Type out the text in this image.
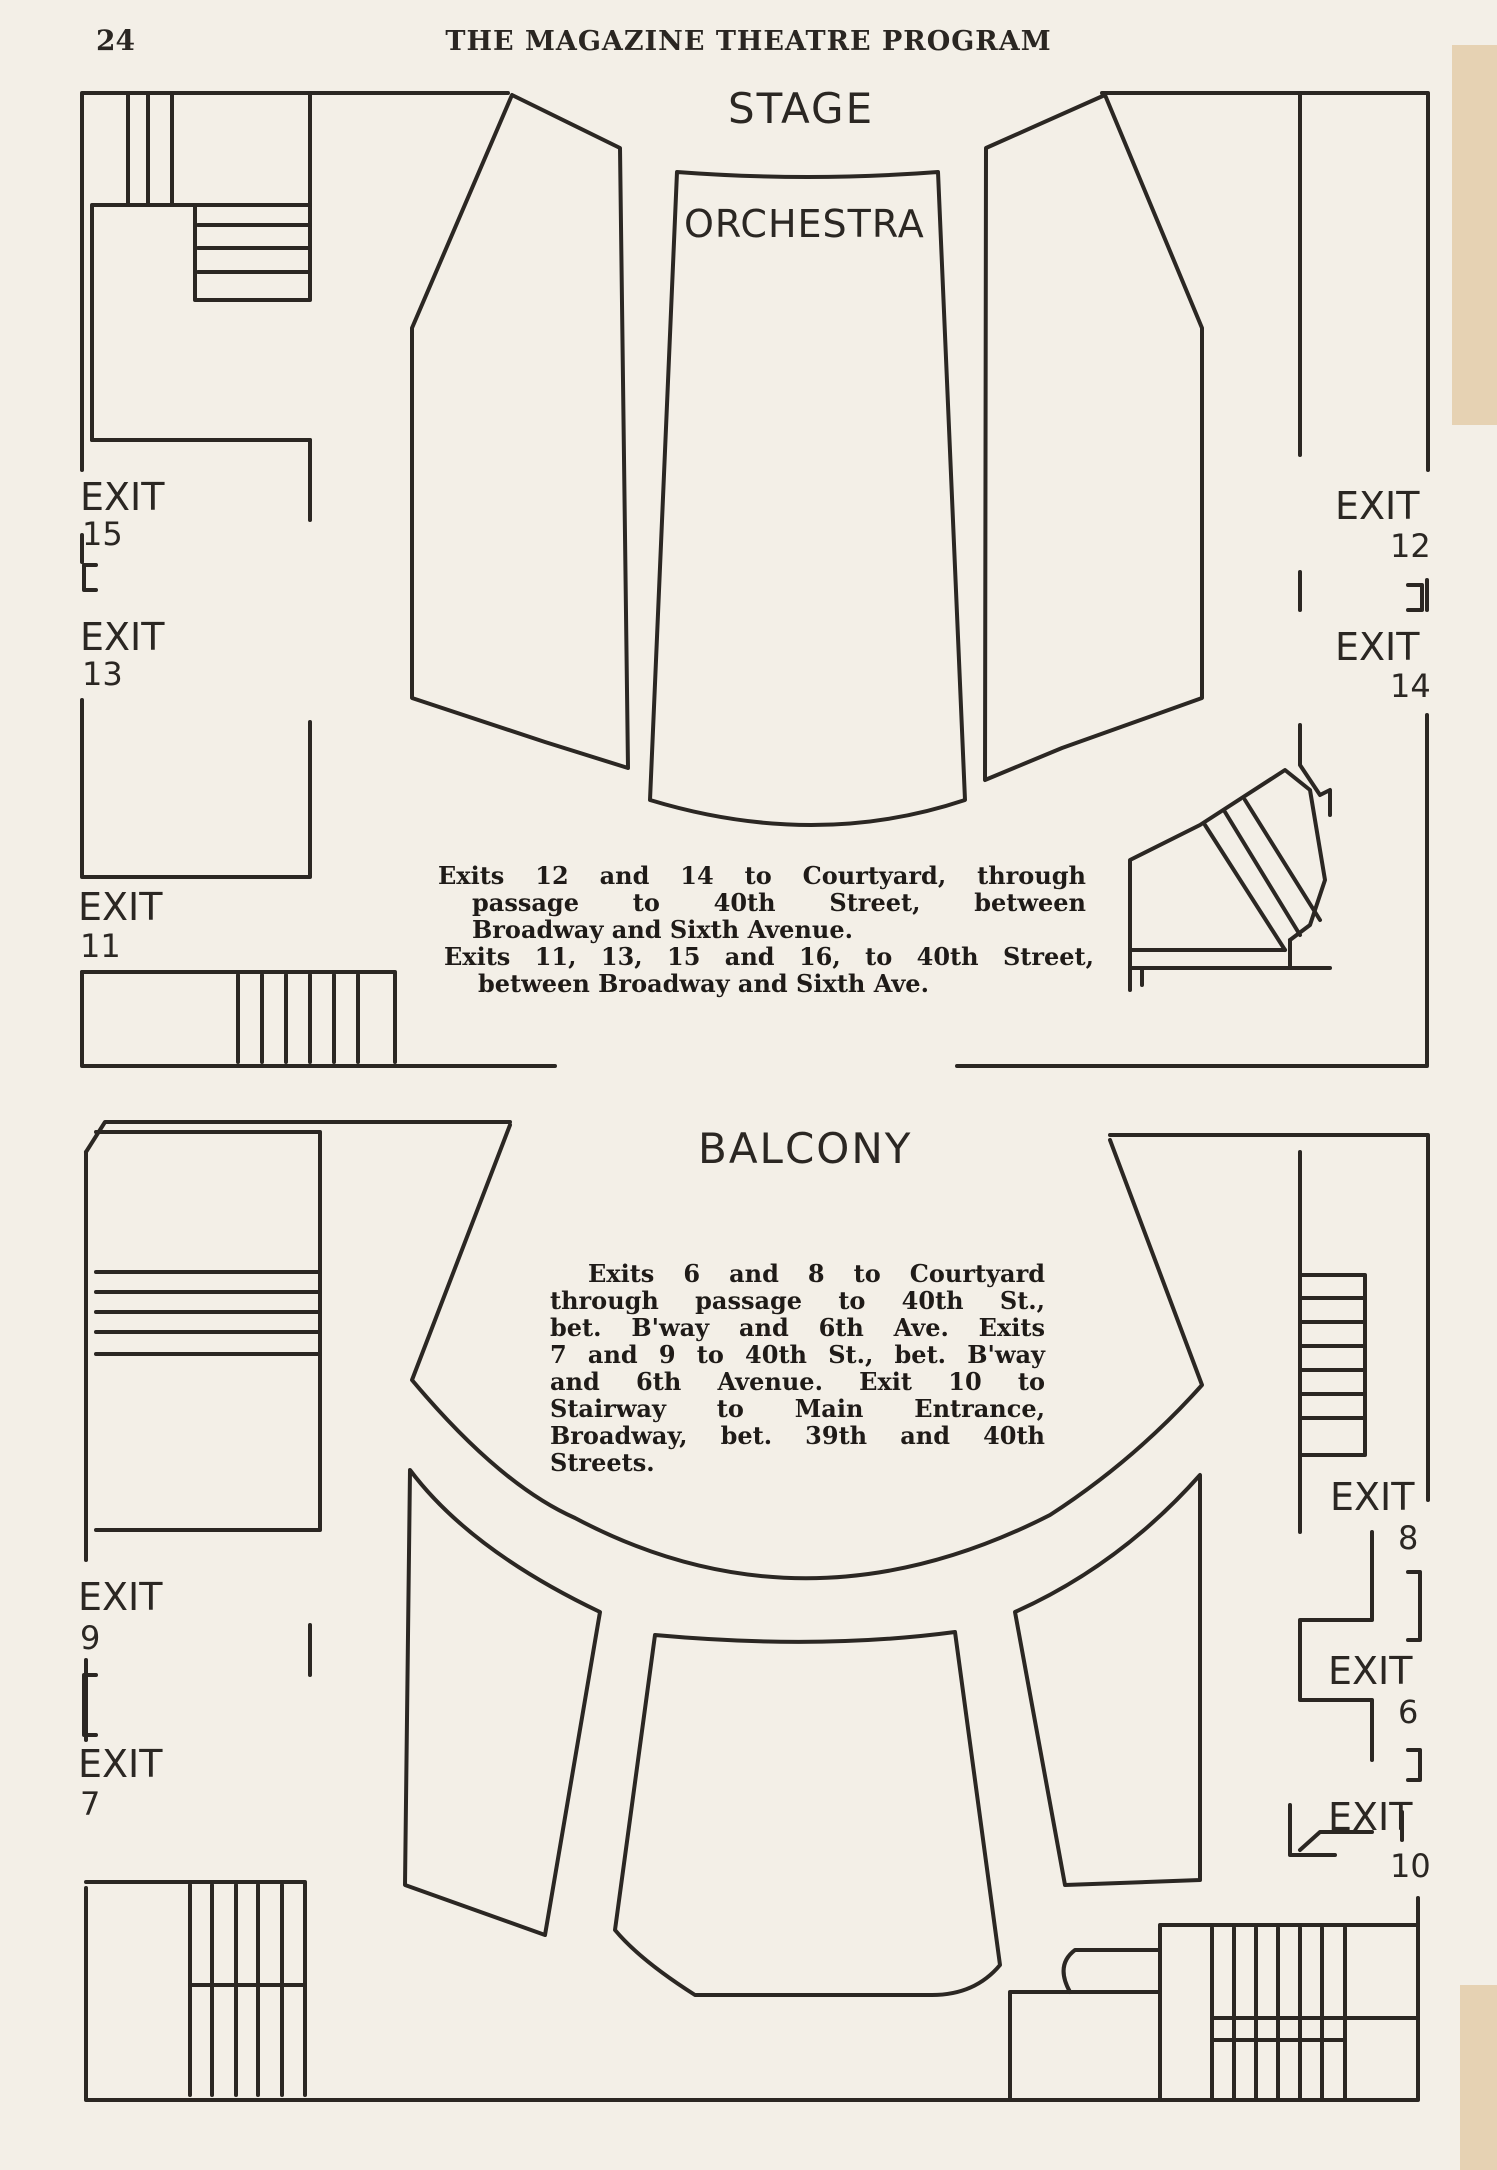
24	THE MAGAZINE THEATRE PROGRAM
STAGE
ORCHESTRA
EXIT
15
EXIT
13
EXIT
11
EXIT
12
EXIT
14

Exits 12 and 14 to Courtyard, through

passage to 40th Street, between

Broadway and Sixth Avenue.

Exits 11, 13, 15 and 16, to 40th Street,

between Broadway and Sixth Ave.

BALCONY
EXIT
9
EXIT
7
EXIT
8
EXIT
6
EXIT
10

Exits 6 and 8 to Courtyard

through passage to 40th St.,

bet. B'way and 6th Ave. Exits

7 and 9 to 40th St., bet. B'way

and 6th Avenue. Exit 10 to

Stairway to Main Entrance,

Broadway, bet. 39th and 40th

Streets.
